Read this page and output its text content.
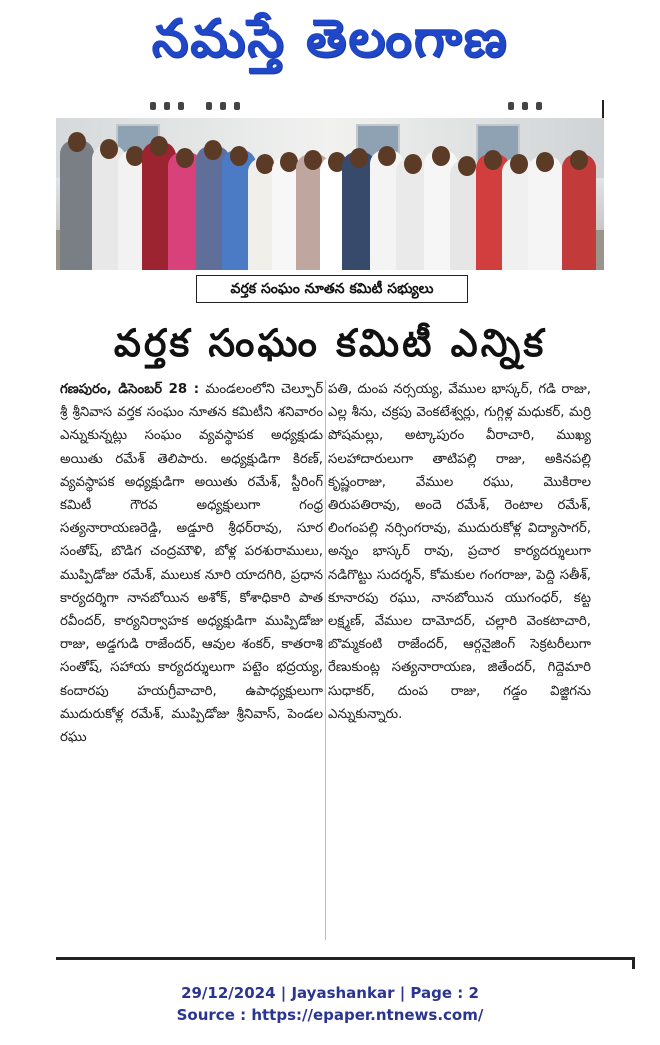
నమస్తే తెలంగాణ
వర్తక సంఘం నూతన కమిటీ సభ్యులు
వర్తక సంఘం కమిటీ ఎన్నిక
గణపురం, డిసెంబర్ 28 : మండలంలోని చెల్పూర్ శ్రీ శ్రీనివాస వర్తక సంఘం నూతన కమిటీని శనివారం ఎన్నుకున్నట్లు సంఘం వ్యవస్థాపక అధ్యక్షుడు అయితు రమేశ్ తెలిపారు. అధ్యక్షుడిగా కిరణ్, వ్యవస్థాపక అధ్యక్షుడిగా అయితు రమేశ్, స్టీరింగ్ కమిటీ గౌరవ అధ్యక్షులుగా గంధ్ర సత్యనారాయణరెడ్డి, అడ్డూరి శ్రీధర్‌రావు, సూర సంతోష్, బొడిగ చంద్రమౌళి, బోళ్ల పరశురాములు, ముప్పిడోజు రమేశ్, ములుక నూరి యాదగిరి, ప్రధాన కార్యదర్శిగా నానబోయిన అశోక్, కోశాధికారి పాత రవీందర్, కార్యనిర్వాహక అధ్యక్షుడిగా ముప్పిడోజు రాజు, అడ్డగుడి రాజేందర్, ఆవుల శంకర్, కాతరాశి సంతోష్, సహాయ కార్యదర్శులుగా పట్టెం భద్రయ్య, కందారపు హయగ్రీవాచారి, ఉపాధ్యక్షులుగా ముదురుకోళ్ల రమేశ్, ముప్పిడోజు శ్రీనివాస్, పెండల రఘు
పతి, దుంప నర్సయ్య, వేముల భాస్కర్, గడి రాజు, ఎల్ల శీను, చక్రపు వెంకటేశ్వర్లు, గుగ్గిళ్ల మధుకర్, మర్రి పోషమల్లు, అట్కాపురం వీరాచారి, ముఖ్య సలహాదారులుగా తాటిపల్లి రాజు, అకినపల్లి కృష్ణంరాజు, వేముల రఘు, మొకిరాల తిరుపతిరావు, అందె రమేశ్, రెంటాల రమేశ్, లింగంపల్లి నర్సింగరావు, ముదురుకోళ్ల విద్యాసాగర్, అన్నం భాస్కర్ రావు, ప్రచార కార్యదర్శులుగా నడిగొట్టు సుదర్శన్, కోమకుల గంగరాజు, పెద్ది సతీశ్, కూనారపు రఘు, నానబోయిన యుగంధర్, కట్ట లక్ష్మణ్, వేముల దామోదర్, చల్లారి వెంకటాచారి, బొమ్మకంటి రాజేందర్, ఆర్గనైజింగ్ సెక్రటరీలుగా రేణుకుంట్ల సత్యనారాయణ, జితేందర్, గిద్దెమారి సుధాకర్, దుంప రాజు, గడ్డం విజ్జిగను ఎన్నుకున్నారు.
29/12/2024 | Jayashankar | Page : 2
Source : https://epaper.ntnews.com/
